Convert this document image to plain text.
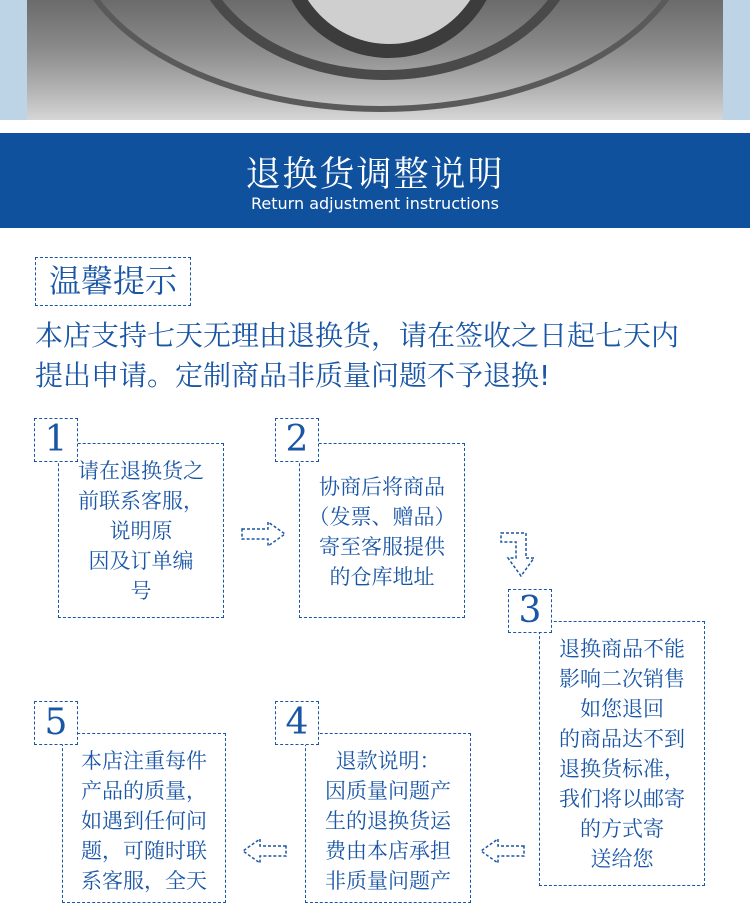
退换货调整说明
Return adjustment instructions
温馨提示
本店支持七天无理由退换货，请在签收之日起七天内
提出申请。定制商品非质量问题不予退换!
请在退换货之
前联系客服，
说明原
因及订单编
号
1
协商后将商品
（发票、赠品）
寄至客服提供
的仓库地址
2
退换商品不能
影响二次销售
如您退回
的商品达不到
退换货标准，
我们将以邮寄
的方式寄
送给您
3
退款说明：
因质量问题产
生的退换货运
费由本店承担
非质量问题产
4
本店注重每件
产品的质量，
如遇到任何问
题，可随时联
系客服，全天
5
